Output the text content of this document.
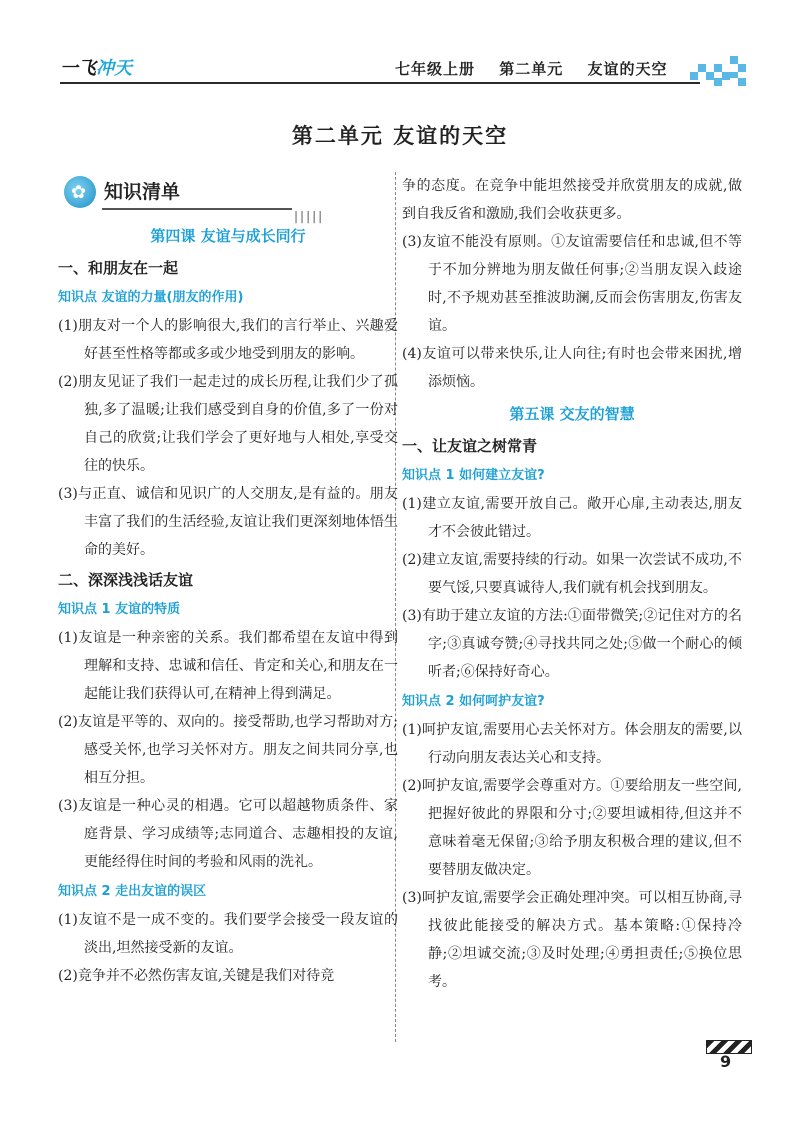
一飞冲天	七年级上册 第二单元 友谊的天空
第二单元 友谊的天空
✿
知识清单
|||||
第四课 友谊与成长同行
一、和朋友在一起
知识点 友谊的力量(朋友的作用)
(1)朋友对一个人的影响很大,我们的言行举止、兴趣爱好甚至性格等都或多或少地受到朋友的影响。
(2)朋友见证了我们一起走过的成长历程,让我们少了孤独,多了温暖;让我们感受到自身的价值,多了一份对自己的欣赏;让我们学会了更好地与人相处,享受交往的快乐。
(3)与正直、诚信和见识广的人交朋友,是有益的。朋友丰富了我们的生活经验,友谊让我们更深刻地体悟生命的美好。
二、深深浅浅话友谊
知识点 1 友谊的特质
(1)友谊是一种亲密的关系。我们都希望在友谊中得到理解和支持、忠诚和信任、肯定和关心,和朋友在一起能让我们获得认可,在精神上得到满足。
(2)友谊是平等的、双向的。接受帮助,也学习帮助对方;感受关怀,也学习关怀对方。朋友之间共同分享,也相互分担。
(3)友谊是一种心灵的相遇。它可以超越物质条件、家庭背景、学习成绩等;志同道合、志趣相投的友谊,更能经得住时间的考验和风雨的洗礼。
知识点 2 走出友谊的误区
(1)友谊不是一成不变的。我们要学会接受一段友谊的淡出,坦然接受新的友谊。
(2)竞争并不必然伤害友谊,关键是我们对待竞
争的态度。在竞争中能坦然接受并欣赏朋友的成就,做到自我反省和激励,我们会收获更多。
(3)友谊不能没有原则。①友谊需要信任和忠诚,但不等于不加分辨地为朋友做任何事;②当朋友误入歧途时,不予规劝甚至推波助澜,反而会伤害朋友,伤害友谊。
(4)友谊可以带来快乐,让人向往;有时也会带来困扰,增添烦恼。
第五课 交友的智慧
一、让友谊之树常青
知识点 1 如何建立友谊?
(1)建立友谊,需要开放自己。敞开心扉,主动表达,朋友才不会彼此错过。
(2)建立友谊,需要持续的行动。如果一次尝试不成功,不要气馁,只要真诚待人,我们就有机会找到朋友。
(3)有助于建立友谊的方法:①面带微笑;②记住对方的名字;③真诚夸赞;④寻找共同之处;⑤做一个耐心的倾听者;⑥保持好奇心。
知识点 2 如何呵护友谊?
(1)呵护友谊,需要用心去关怀对方。体会朋友的需要,以行动向朋友表达关心和支持。
(2)呵护友谊,需要学会尊重对方。①要给朋友一些空间,把握好彼此的界限和分寸;②要坦诚相待,但这并不意味着毫无保留;③给予朋友积极合理的建议,但不要替朋友做决定。
(3)呵护友谊,需要学会正确处理冲突。可以相互协商,寻找彼此能接受的解决方式。基本策略:①保持冷静;②坦诚交流;③及时处理;④勇担责任;⑤换位思考。
9
